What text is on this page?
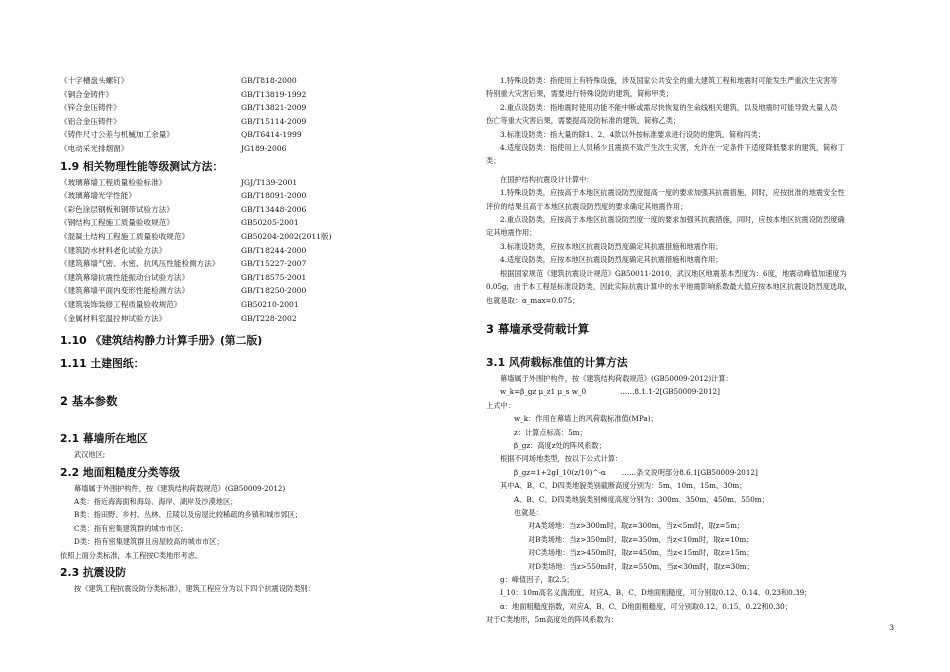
《十字槽盘头螺钉》	GB/T818-2000
《铜合金铸件》	GB/T13819-1992
《锌合金压铸件》	GB/T13821-2009
《铝合金压铸件》	GB/T15114-2009
《铸件尺寸公差与机械加工余量》	QB/T6414-1999
《电动采光排烟窗》	JG189-2006
1.9 相关物理性能等级测试方法：
《玻璃幕墙工程质量检验标准》	JGJ/T139-2001
《玻璃幕墙光学性能》	GB/T18091-2000
《彩色涂层钢板和钢带试验方法》	GB/T13448-2006
《钢结构工程施工质量验收规范》	GB50205-2001
《混凝土结构工程施工质量验收规范》	GB50204-2002(2011版)
《建筑防水材料老化试验方法》	GB/T18244-2000
《建筑幕墙气密、水密、抗风压性能检测方法》	GB/T15227-2007
《建筑幕墙抗震性能振动台试验方法》	GB/T18575-2001
《建筑幕墙平面内变形性能检测方法》	GB/T18250-2000
《建筑装饰装修工程质量验收规范》	GB50210-2001
《金属材料室温拉伸试验方法》	GB/T228-2002
1.10 《建筑结构静力计算手册》(第二版)
1.11 土建图纸：
2 基本参数
2.1 幕墙所在地区
武汉地区;
2.2 地面粗糙度分类等级
幕墙属于外围护构件，按《建筑结构荷载规范》(GB50009-2012)
A类：指近海海面和海岛、海岸、湖岸及沙漠地区；
B类：指田野、乡村、丛林、丘陵以及房屋比较稀疏的乡镇和城市郊区；
C类：指有密集建筑群的城市市区；
D类：指有密集建筑群且房屋较高的城市市区；
依照上面分类标准，本工程按C类地形考虑。
2.3 抗震设防
按《建筑工程抗震设防分类标准》，建筑工程应分为以下四个抗震设防类别：
1.特殊设防类：指使用上有特殊设施，涉及国家公共安全的重大建筑工程和地震时可能发生严重次生灾害等
特别重大灾害后果，需要进行特殊设防的建筑，简称甲类；
2.重点设防类：指地震时使用功能不能中断或需尽快恢复的生命线相关建筑，以及地震时可能导致大量人员
伤亡等重大灾害后果，需要提高设防标准的建筑，简称乙类；
3.标准设防类：指大量的除1、2、4款以外按标准要求进行设防的建筑，简称丙类；
4.适度设防类：指使用上人员稀少且震损不致产生次生灾害，允许在一定条件下适度降低要求的建筑，简称丁
类；
在国护结构抗震设计计算中：
1.特殊设防类，应按高于本地区抗震设防烈度提高一度的要求加强其抗震措施，同时，应按批准的地震安全性
评价的结果且高于本地区抗震设防烈度的要求确定其地震作用；
2.重点设防类，应按高于本地区抗震设防烈度一度的要求加强其抗震措施，同时，应按本地区抗震设防烈度确
定其地震作用；
3.标准设防类，应按本地区抗震设防烈度确定其抗震措施和地震作用；
4.适度设防类，应按本地区抗震设防烈度确定其抗震措施和地震作用；
根据国家规范《建筑抗震设计规范》GB50011-2010，武汉地区地震基本烈度为：6度，地震动峰值加速度为
0.05g，由于本工程是标准设防类，因此实际抗震计算中的水平地震影响系数最大值应按本地区抗震设防烈度选取，
也就是取：α_max=0.075；
3 幕墙承受荷载计算
3.1 风荷载标准值的计算方法
幕墙属于外围护构件，按《建筑结构荷载规范》(GB50009-2012)计算：
w_k=β_gz μ_z1 μ_s w_0	……8.1.1-2[GB50009-2012]
上式中：
w_k：作用在幕墙上的风荷载标准值(MPa)；
z：计算点标高：5m；
β_gz：高度z处的阵风系数；
根据不同场地类型，按以下公式计算：
β_gz=1+2gI_10(z/10)^-α ……条文说明部分8.6.1[GB50009-2012]
其中A、B、C、D四类地貌类别截断高度分别为：5m、10m、15m、30m；
A、B、C、D四类地貌类别梯度高度分别为：300m、350m、450m、550m；
也就是：
对A类场地：当z>300m时，取z=300m，当z<5m时，取z=5m；
对B类场地：当z>350m时，取z=350m，当z<10m时，取z=10m；
对C类场地：当z>450m时，取z=450m，当z<15m时，取z=15m；
对D类场地：当z>550m时，取z=550m，当z<30m时，取z=30m；
g：峰值因子，取2.5；
I_10：10m高名义湍流度，对应A、B、C、D地面粗糙度，可分别取0.12、0.14、0.23和0.39；
α：地面粗糙度指数，对应A、B、C、D地面粗糙度，可分别取0.12、0.15、0.22和0.30；
对于C类地形，5m高度处的阵风系数为：
3
